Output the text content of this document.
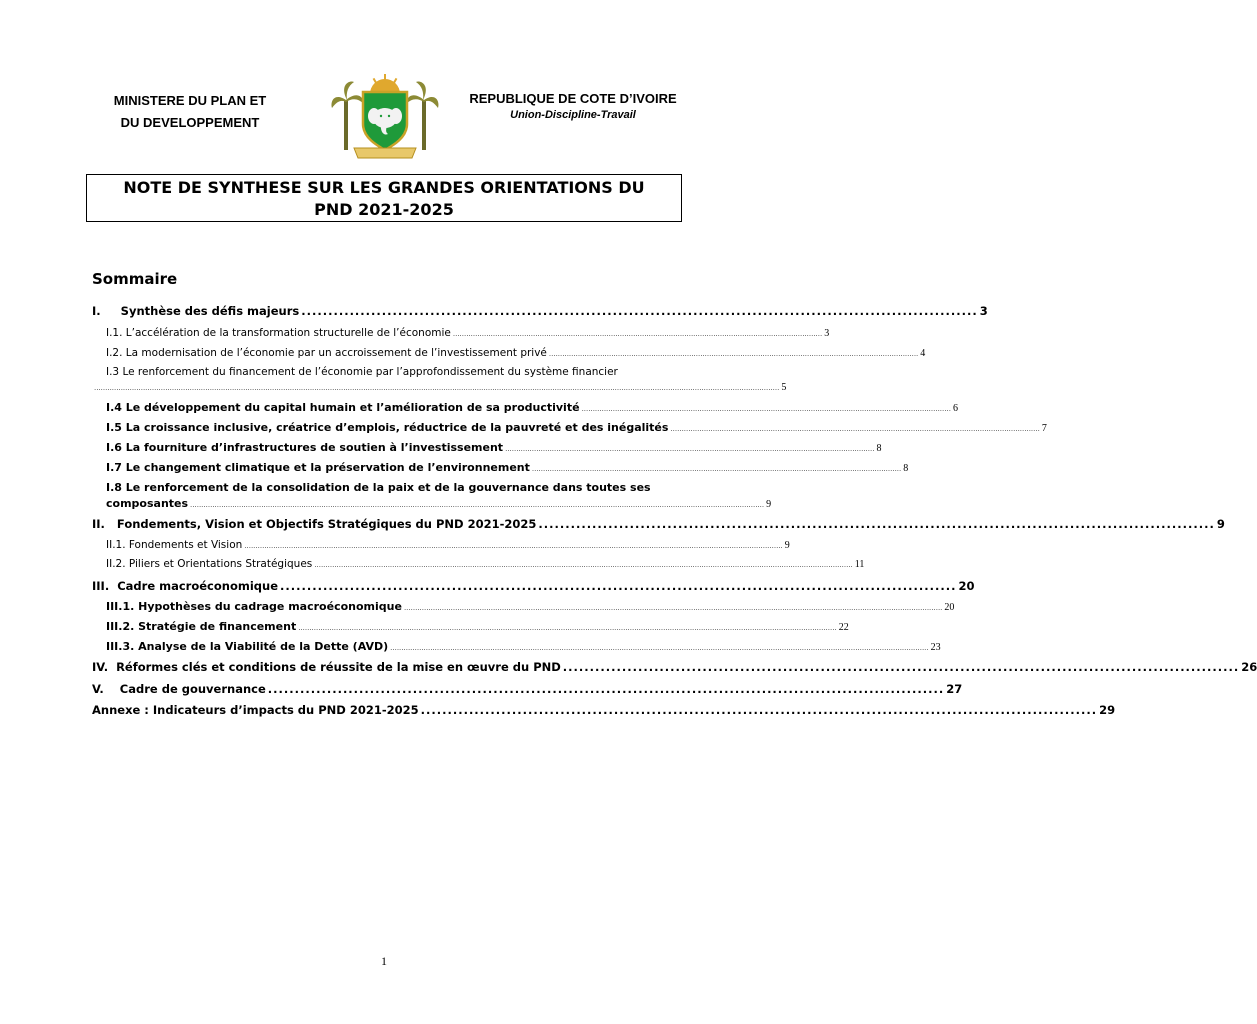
MINISTERE DU PLAN ET
DU DEVELOPPEMENT
REPUBLIQUE DE COTE D’IVOIRE
Union-Discipline-Travail
NOTE DE SYNTHESE SUR LES GRANDES ORIENTATIONS DU
PND 2021-2025
Sommaire
I.     Synthèse des défis majeurs .............................................................................................................................. 3
I.1. L’accélération de la transformation structurelle de l’économie ...................................................................................................................................................................... 3
I.2. La modernisation de l’économie par un accroissement de l’investissement privé ...................................................................................................................................................................... 4
I.3 Le renforcement du financement de l’économie par l’approfondissement du système financier
.................................................................................................................................................................................................................................................................................................................... 5
I.4 Le développement du capital humain et l’amélioration de sa productivité ...................................................................................................................................................................... 6
I.5 La croissance inclusive, créatrice d’emplois, réductrice de la pauvreté et des inégalités ...................................................................................................................................................................... 7
I.6 La fourniture d’infrastructures de soutien à l’investissement ...................................................................................................................................................................... 8
I.7 Le changement climatique et la préservation de l’environnement ...................................................................................................................................................................... 8
I.8 Le renforcement de la consolidation de la paix et de la gouvernance dans toutes ses
composantes .................................................................................................................................................................................................................................................................. 9
II.   Fondements, Vision et Objectifs Stratégiques du PND 2021-2025 .............................................................................................................................. 9
II.1. Fondements et Vision .................................................................................................................................................................................................................................................. 9
II.2. Piliers et Orientations Stratégiques .................................................................................................................................................................................................................................................. 11
III.  Cadre macroéconomique .............................................................................................................................. 20
III.1. Hypothèses du cadrage macroéconomique .................................................................................................................................................................................................................................................. 20
III.2. Stratégie de financement .................................................................................................................................................................................................................................................. 22
III.3. Analyse de la Viabilité de la Dette (AVD) .................................................................................................................................................................................................................................................. 23
IV.  Réformes clés et conditions de réussite de la mise en œuvre du PND .............................................................................................................................. 26
V.    Cadre de gouvernance .............................................................................................................................. 27
Annexe : Indicateurs d’impacts du PND 2021-2025 .............................................................................................................................. 29
1
